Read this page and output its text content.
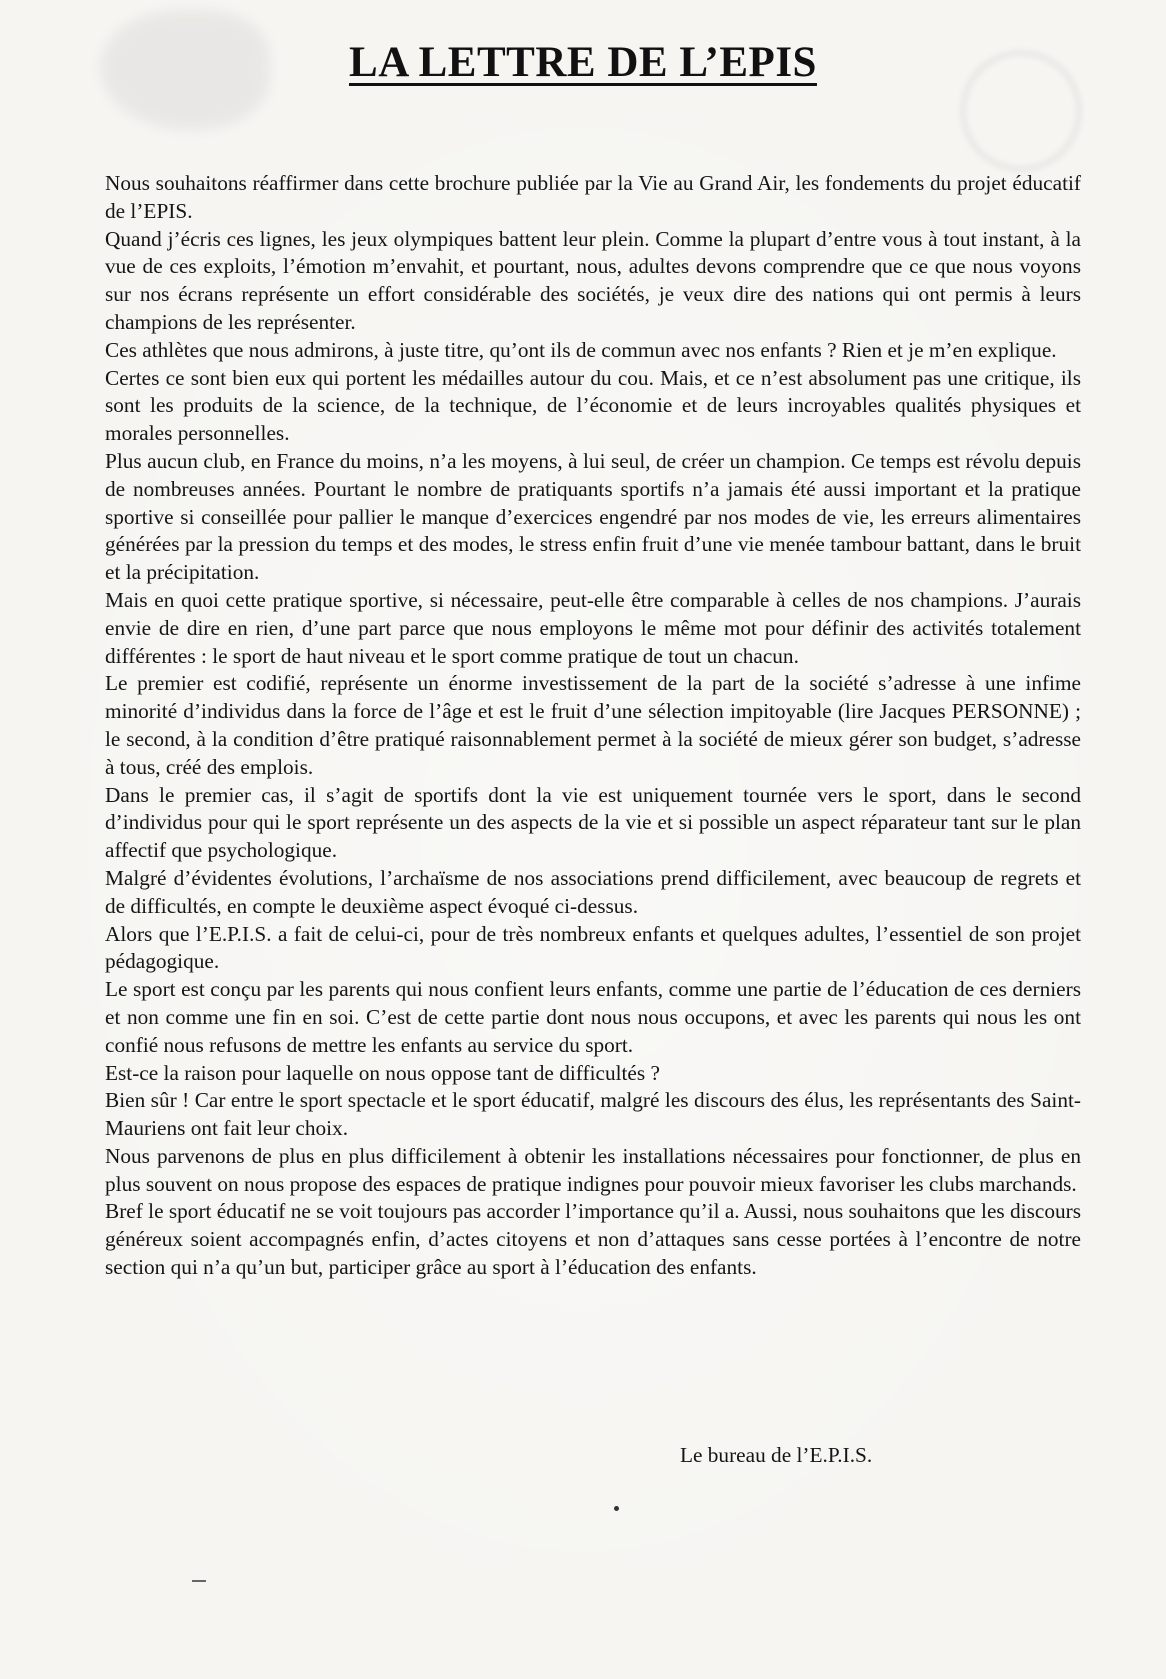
LA LETTRE DE L’EPIS

Nous souhaitons réaffirmer dans cette brochure publiée par la Vie au Grand Air, les fondements du projet éducatif de l’EPIS.

Quand j’écris ces lignes, les jeux olympiques battent leur plein. Comme la plupart d’entre vous à tout instant, à la vue de ces exploits, l’émotion m’envahit, et pourtant, nous, adultes devons comprendre que ce que nous voyons sur nos écrans représente un effort considérable des sociétés, je veux dire des nations qui ont permis à leurs champions de les représenter.

Ces athlètes que nous admirons, à juste titre, qu’ont ils de commun avec nos enfants ? Rien et je m’en explique.

Certes ce sont bien eux qui portent les médailles autour du cou. Mais, et ce n’est absolument pas une critique, ils sont les produits de la science, de la technique, de l’économie et de leurs incroyables qualités physiques et morales personnelles.

Plus aucun club, en France du moins, n’a les moyens, à lui seul, de créer un champion. Ce temps est révolu depuis de nombreuses années. Pourtant le nombre de pratiquants sportifs n’a jamais été aussi important et la pratique sportive si conseillée pour pallier le manque d’exercices engendré par nos modes de vie, les erreurs alimentaires générées par la pression du temps et des modes, le stress enfin fruit d’une vie menée tambour battant, dans le bruit et la précipitation.

Mais en quoi cette pratique sportive, si nécessaire, peut-elle être comparable à celles de nos champions. J’aurais envie de dire en rien, d’une part parce que nous employons le même mot pour définir des activités totalement différentes : le sport de haut niveau et le sport comme pratique de tout un chacun.

Le premier est codifié, représente un énorme investissement de la part de la société s’adresse à une infime minorité d’individus dans la force de l’âge et est le fruit d’une sélection impitoyable (lire Jacques PERSONNE) ; le second, à la condition d’être pratiqué raisonnablement permet à la société de mieux gérer son budget, s’adresse à tous, créé des emplois.

Dans le premier cas, il s’agit de sportifs dont la vie est uniquement tournée vers le sport, dans le second d’individus pour qui le sport représente un des aspects de la vie et si possible un aspect réparateur tant sur le plan affectif que psychologique.

Malgré d’évidentes évolutions, l’archaïsme de nos associations prend difficilement, avec beaucoup de regrets et de difficultés, en compte le deuxième aspect évoqué ci-dessus.

Alors que l’E.P.I.S. a fait de celui-ci, pour de très nombreux enfants et quelques adultes, l’essentiel de son projet pédagogique.

Le sport est conçu par les parents qui nous confient leurs enfants, comme une partie de l’éducation de ces derniers et non comme une fin en soi. C’est de cette partie dont nous nous occupons, et avec les parents qui nous les ont confié nous refusons de mettre les enfants au service du sport.

Est-ce la raison pour laquelle on nous oppose tant de difficultés ?

Bien sûr ! Car entre le sport spectacle et le sport éducatif, malgré les discours des élus, les représentants des Saint-Mauriens ont fait leur choix.

Nous parvenons de plus en plus difficilement à obtenir les installations nécessaires pour fonctionner, de plus en plus souvent on nous propose des espaces de pratique indignes pour pouvoir mieux favoriser les clubs marchands.

Bref le sport éducatif ne se voit toujours pas accorder l’importance qu’il a. Aussi, nous souhaitons que les discours généreux soient accompagnés enfin, d’actes citoyens et non d’attaques sans cesse portées à l’encontre de notre section qui n’a qu’un but, participer grâce au sport à l’éducation des enfants.

Le bureau de l’E.P.I.S.
